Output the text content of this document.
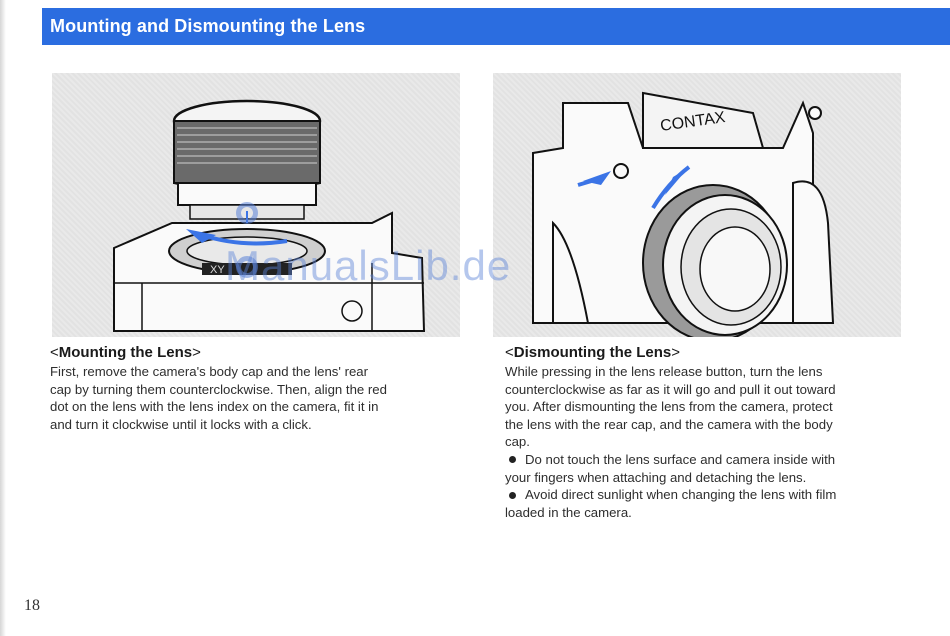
Mounting and Dismounting the Lens
XY
CONTAX
ManualsLib.de
<Mounting the Lens>
First, remove the camera's body cap and the lens' rear
cap by turning them counterclockwise. Then, align the red
dot on the lens with the lens index on the camera, fit it in
and turn it clockwise until it locks with a click.
<Dismounting the Lens>
While pressing in the lens release button, turn the lens
counterclockwise as far as it will go and pull it out toward
you. After dismounting the lens from the camera, protect
the lens with the rear cap, and the camera with the body
cap.
Do not touch the lens surface and camera inside with
your fingers when attaching and detaching the lens.
Avoid direct sunlight when changing the lens with film
loaded in the camera.
18
